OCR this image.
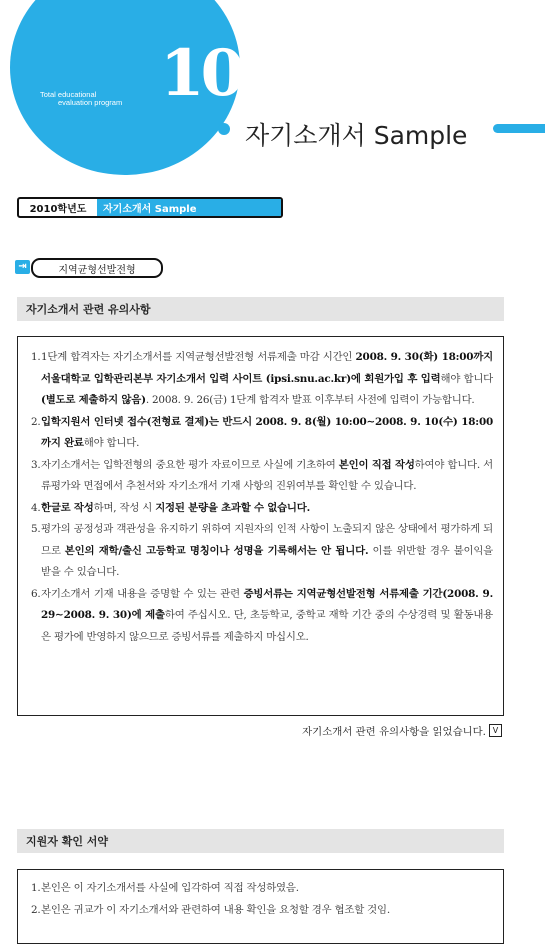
Total educational
evaluation program 10
자기소개서 Sample
2010학년도	자기소개서 Sample
⇥	지역균형선발전형
자기소개서 관련 유의사항
1. 1단계 합격자는 자기소개서를 지역균형선발전형 서류제출 마감 시간인 2008. 9. 30(화) 18:00까지 서울대학교 입학관리본부 자기소개서 입력 사이트 (ipsi.snu.ac.kr)에 회원가입 후 입력해야 합니다(별도로 제출하지 않음). 2008. 9. 26(금) 1단계 합격자 발표 이후부터 사전에 입력이 가능합니다.
2. 입학지원서 인터넷 접수(전형료 결제)는 반드시 2008. 9. 8(월) 10:00∼2008. 9. 10(수) 18:00까지 완료해야 합니다.
3. 자기소개서는 입학전형의 중요한 평가 자료이므로 사실에 기초하여 본인이 직접 작성하여야 합니다. 서류평가와 면접에서 추천서와 자기소개서 기재 사항의 진위여부를 확인할 수 있습니다.
4. 한글로 작성하며, 작성 시 지정된 분량을 초과할 수 없습니다.
5. 평가의 공정성과 객관성을 유지하기 위하여 지원자의 인적 사항이 노출되지 않은 상태에서 평가하게 되므로 본인의 재학/출신 고등학교 명칭이나 성명을 기록해서는 안 됩니다. 이를 위반할 경우 불이익을 받을 수 있습니다.
6. 자기소개서 기재 내용을 증명할 수 있는 관련 증빙서류는 지역균형선발전형 서류제출 기간(2008. 9. 29∼2008. 9. 30)에 제출하여 주십시오. 단, 초등학교, 중학교 재학 기간 중의 수상경력 및 활동내용은 평가에 반영하지 않으므로 증빙서류를 제출하지 마십시오.
자기소개서 관련 유의사항을 읽었습니다. V
지원자 확인 서약
1. 본인은 이 자기소개서를 사실에 입각하여 직접 작성하였음.
2. 본인은 귀교가 이 자기소개서와 관련하여 내용 확인을 요청할 경우 협조할 것임.
